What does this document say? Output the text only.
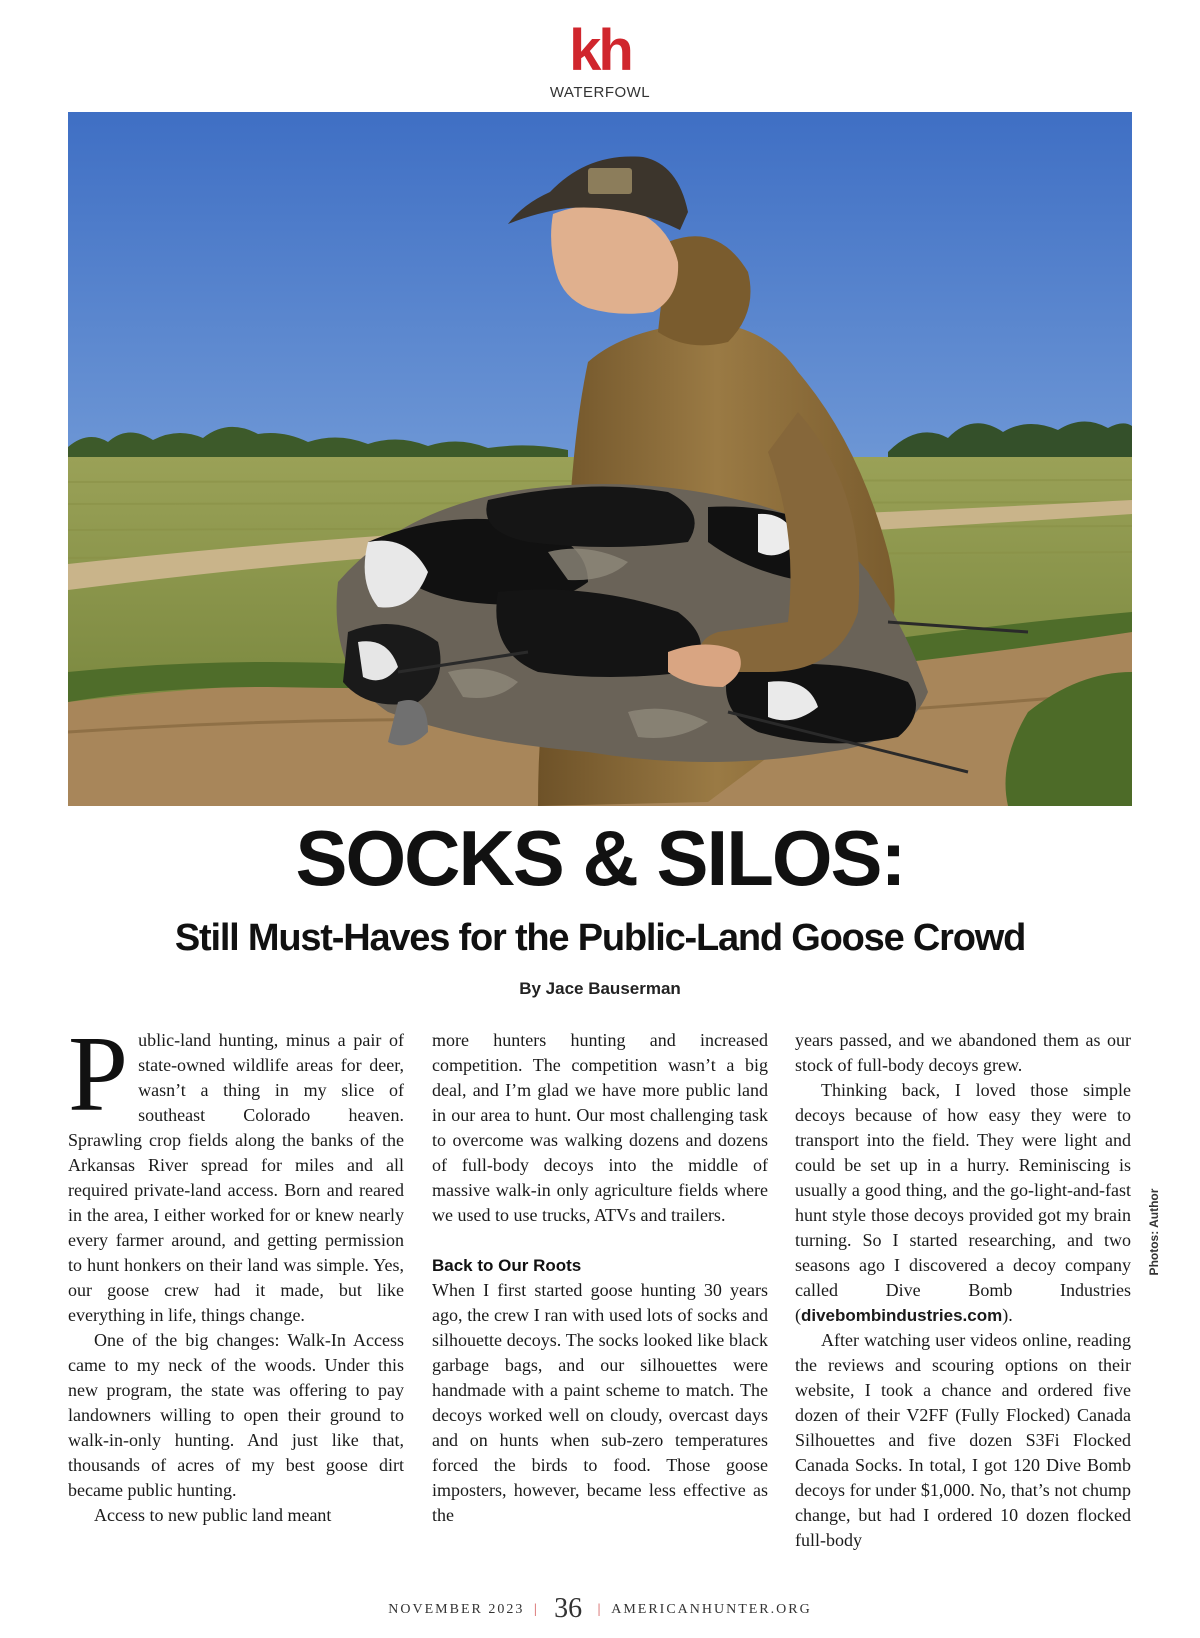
kh
WATERFOWL
SOCKS & SILOS:
Still Must-Haves for the Public-Land Goose Crowd
By Jace Bauserman

Public-land hunting, minus a pair of state-owned wildlife areas for deer, wasn’t a thing in my slice of southeast Colorado heaven. Sprawling crop fields along the banks of the Arkansas River spread for miles and all required private-land access. Born and reared in the area, I either worked for or knew nearly every farmer around, and getting permission to hunt honkers on their land was simple. Yes, our goose crew had it made, but like everything in life, things change.

One of the big changes: Walk-In Access came to my neck of the woods. Under this new program, the state was offering to pay landowners willing to open their ground to walk-in-only hunting. And just like that, thousands of acres of my best goose dirt became public hunting.

Access to new public land meant

more hunters hunting and increased competition. The competition wasn’t a big deal, and I’m glad we have more public land in our area to hunt. Our most challenging task to overcome was walking dozens and dozens of full-body decoys into the middle of massive walk-in only agriculture fields where we used to use trucks, ATVs and trailers.

Back to Our Roots

When I first started goose hunting 30 years ago, the crew I ran with used lots of socks and silhouette decoys. The socks looked like black garbage bags, and our silhouettes were handmade with a paint scheme to match. The decoys worked well on cloudy, overcast days and on hunts when sub-zero temperatures forced the birds to food. Those goose imposters, however, became less effective as the

years passed, and we abandoned them as our stock of full-body decoys grew.

Thinking back, I loved those simple decoys because of how easy they were to transport into the field. They were light and could be set up in a hurry. Reminiscing is usually a good thing, and the go-light-and-fast hunt style those decoys provided got my brain turning. So I started researching, and two seasons ago I discovered a decoy company called Dive Bomb Industries (divebombindustries.com).

After watching user videos online, reading the reviews and scouring options on their website, I took a chance and ordered five dozen of their V2FF (Fully Flocked) Canada Silhouettes and five dozen S3Fi Flocked Canada Socks. In total, I got 120 Dive Bomb decoys for under $1,000. No, that’s not chump change, but had I ordered 10 dozen flocked full-body

Photos: Author
NOVEMBER 2023 | 36 | AMERICANHUNTER.ORG
